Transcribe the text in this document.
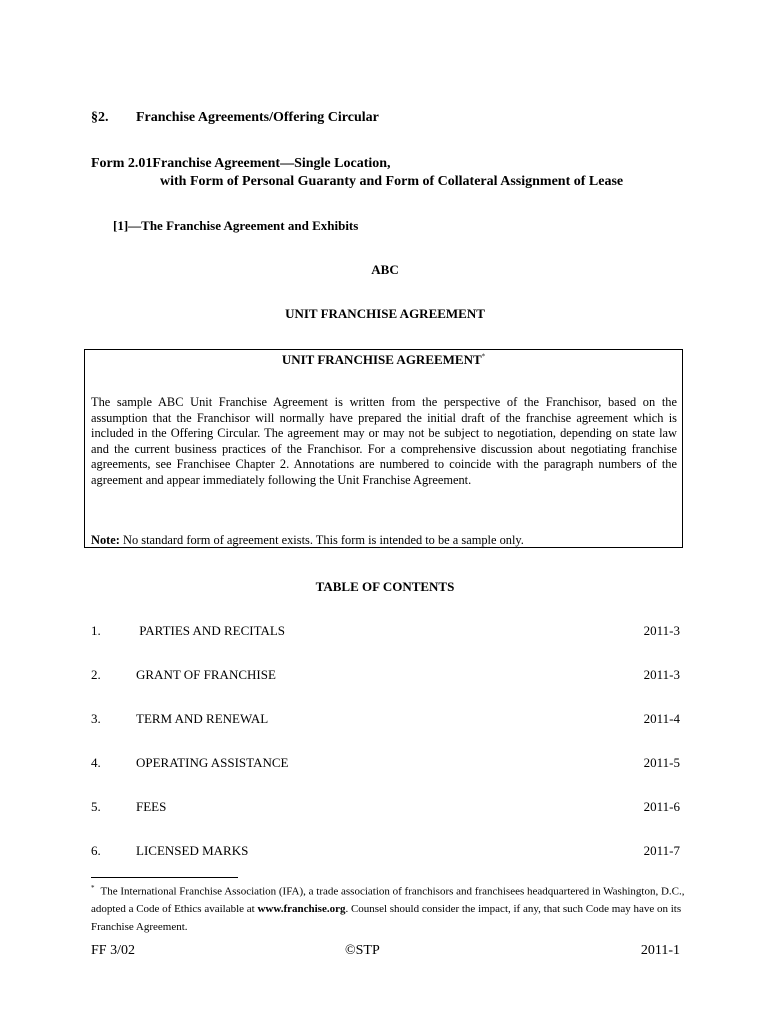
§2. Franchise Agreements/Offering Circular
Form 2.01Franchise Agreement—Single Location,
with Form of Personal Guaranty and Form of Collateral Assignment of Lease
[1]—The Franchise Agreement and Exhibits
ABC
UNIT FRANCHISE AGREEMENT
UNIT FRANCHISE AGREEMENT*
The sample ABC Unit Franchise Agreement is written from the perspective of the Franchisor, based on the assumption that the Franchisor will normally have prepared the initial draft of the franchise agreement which is included in the Offering Circular. The agreement may or may not be subject to negotiation, depending on state law and the current business practices of the Franchisor. For a comprehensive discussion about negotiating franchise agreements, see Franchisee Chapter 2. Annotations are numbered to coincide with the paragraph numbers of the agreement and appear immediately following the Unit Franchise Agreement.
Note: No standard form of agreement exists. This form is intended to be a sample only.
TABLE OF CONTENTS
1.	PARTIES AND RECITALS	2011-3
2.	GRANT OF FRANCHISE	2011-3
3.	TERM AND RENEWAL	2011-4
4.	OPERATING ASSISTANCE	2011-5
5.	FEES	2011-6
6.	LICENSED MARKS	2011-7
* The International Franchise Association (IFA), a trade association of franchisors and franchisees headquartered in Washington, D.C., adopted a Code of Ethics available at www.franchise.org. Counsel should consider the impact, if any, that such Code may have on its Franchise Agreement.
FF 3/02	©STP	2011-1
